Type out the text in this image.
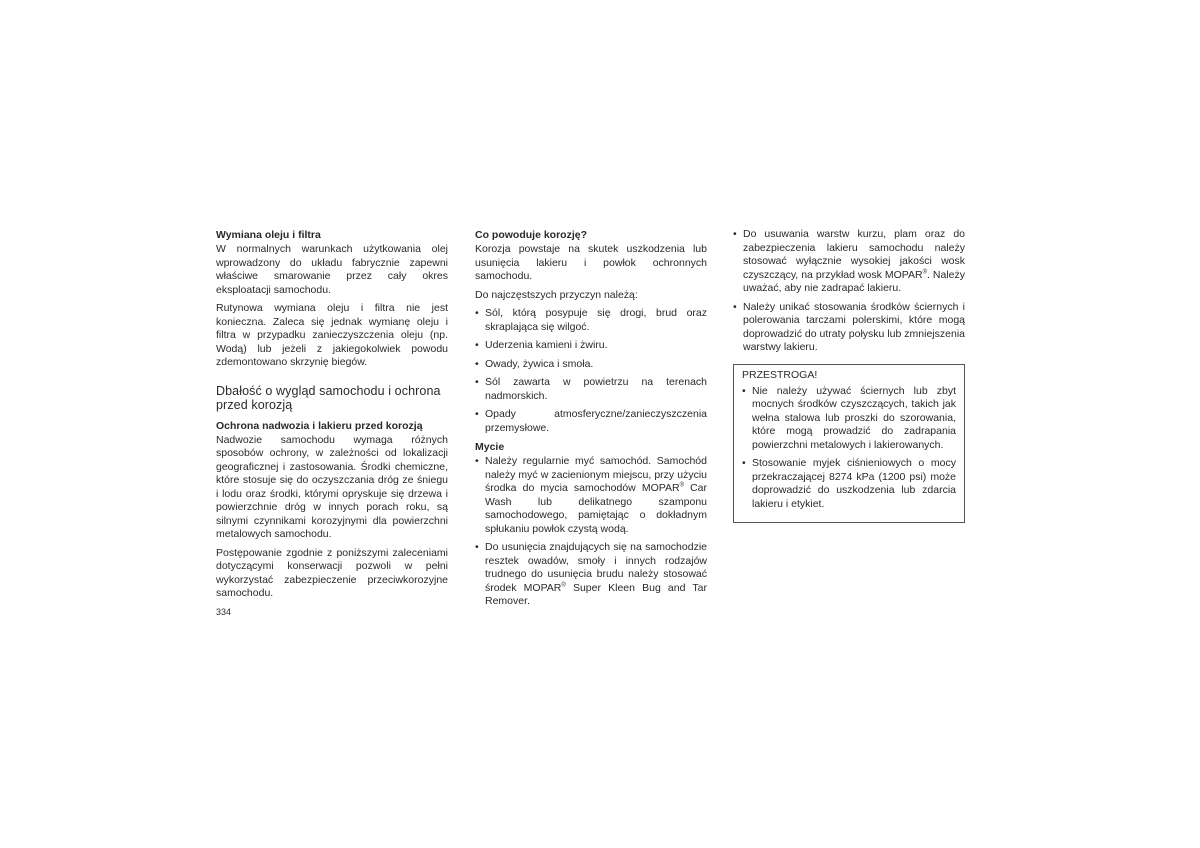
Wymiana oleju i filtra

W normalnych warunkach użytkowania olej wprowadzony do układu fabrycznie zapewni właściwe smarowanie przez cały okres eksploatacji samochodu.

Rutynowa wymiana oleju i filtra nie jest konieczna. Zaleca się jednak wymianę oleju i filtra w przypadku zanieczyszczenia oleju (np. Wodą) lub jeżeli z jakiegokolwiek powodu zdemontowano skrzynię biegów.

Dbałość o wygląd samochodu i ochrona przed korozją
Ochrona nadwozia i lakieru przed korozją

Nadwozie samochodu wymaga różnych sposobów ochrony, w zależności od lokalizacji geograficznej i zastosowania. Środki chemiczne, które stosuje się do oczyszczania dróg ze śniegu i lodu oraz środki, którymi opryskuje się drzewa i powierzchnie dróg w innych porach roku, są silnymi czynnikami korozyjnymi dla powierzchni metalowych samochodu.

Postępowanie zgodnie z poniższymi zaleceniami dotyczącymi konserwacji pozwoli w pełni wykorzystać zabezpieczenie przeciwkorozyjne samochodu.

Co powoduje korozję?

Korozja powstaje na skutek uszkodzenia lub usunięcia lakieru i powłok ochronnych samochodu.

Do najczęstszych przyczyn należą:

• Sól, którą posypuje się drogi, brud oraz skraplająca się wilgoć.
• Uderzenia kamieni i żwiru.
• Owady, żywica i smoła.
• Sól zawarta w powietrzu na terenach nadmorskich.
• Opady atmosferyczne/zanieczyszczenia przemysłowe.
Mycie
• Należy regularnie myć samochód. Samochód należy myć w zacienionym miejscu, przy użyciu środka do mycia samochodów MOPAR® Car Wash lub delikatnego szamponu samochodowego, pamiętając o dokładnym spłukaniu powłok czystą wodą.
• Do usunięcia znajdujących się na samochodzie resztek owadów, smoły i innych rodzajów trudnego do usunięcia brudu należy stosować środek MOPAR® Super Kleen Bug and Tar Remover.
• Do usuwania warstw kurzu, plam oraz do zabezpieczenia lakieru samochodu należy stosować wyłącznie wysokiej jakości wosk czyszczący, na przykład wosk MOPAR®. Należy uważać, aby nie zadrapać lakieru.
• Należy unikać stosowania środków ściernych i polerowania tarczami polerskimi, które mogą doprowadzić do utraty połysku lub zmniejszenia warstwy lakieru.
PRZESTROGA!
• Nie należy używać ściernych lub zbyt mocnych środków czyszczących, takich jak wełna stalowa lub proszki do szorowania, które mogą prowadzić do zadrapania powierzchni metalowych i lakierowanych.
• Stosowanie myjek ciśnieniowych o mocy przekraczającej 8274 kPa (1200 psi) może doprowadzić do uszkodzenia lub zdarcia lakieru i etykiet.
334
